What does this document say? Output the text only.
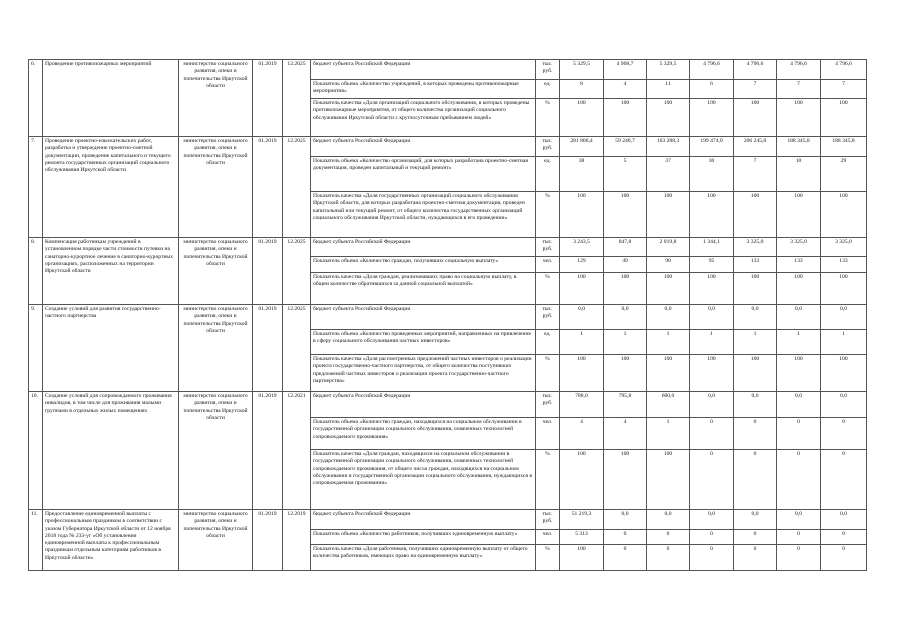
6.	Проведение противопожарных мероприятий	министерство социального развития, опеки и попечительства Иркутской области	01.2019	12.2025	бюджет субъекта Российской Федерации	тыс. руб.	5 329,5	4 908,7	5 329,5	4 796,6	4 796,6	4 796,6	4 796,6
					Показатель объема «Количество учреждений, в которых проведены противопожарные мероприятия»	ед.	8	4	11	6	7	7	7
					Показатель качества «Доля организаций социального обслуживания, в которых проведены противопожарные мероприятия, от общего количества организаций социального обслуживания Иркутской области с круглосуточным пребыванием людей»	%	100	100	100	100	100	100	100
7.	Проведение проектно-изыскательских работ, разработка и утверждение проектно-сметной документации, проведение капитального и текущего ремонта государственных организаций социального обслуживания Иркутской области	министерство социального развития, опеки и попечительства Иркутской области	01.2019	12.2025	бюджет субъекта Российской Федерации	тыс. руб.	281 806,4	59 240,7	163 288,3	199 474,0	206 245,8	188 345,8	188 345,8
					Показатель объема «Количество организаций, для которых разработана проектно-сметная документация, проведен капитальный и текущий ремонт»	ед.	38	5	37	30	7	10	29
					Показатель качества «Доля государственных организаций социального обслуживания Иркутской области, для которых разработана проектно-сметная документация, проведен капитальный или текущий ремонт, от общего количества государственных организаций социального обслуживания Иркутской области, нуждающихся в его проведении»	%	100	100	100	100	100	100	100
8.	Компенсация работникам учреждений в установленном порядке части стоимости путевки на санаторно-курортное лечение в санаторно-курортных организациях, расположенных на территории Иркутской области	министерство социального развития, опеки и попечительства Иркутской области	01.2019	12.2025	бюджет субъекта Российской Федерации	тыс. руб.	3 243,5	847,8	2 019,8	1 344,1	3 325,0	3 325,0	3 325,0
					Показатель объема «Количество граждан, получивших социальную выплату»	чел.	129	49	90	95	133	133	133
					Показатель качества «Доля граждан, реализовавших право на социальную выплату, в общем количестве обратившихся за данной социальной выплатой»	%	100	100	100	100	100	100	100
9.	Создание условий для развития государственно-частного партнерства	министерство социального развития, опеки и попечительства Иркутской области	01.2019	12.2025	бюджет субъекта Российской Федерации	тыс. руб.	0,0	0,0	0,0	0,0	0,0	0,0	0,0
					Показатель объема «Количество проведенных мероприятий, направленных на привлечение в сферу социального обслуживания частных инвесторов»	ед.	1	1	1	1	1	1	1
					Показатель качества «Доля рассмотренных предложений частных инвесторов о реализации проекта государственно-частного партнерства, от общего количества поступивших предложений частных инвесторов о реализации проекта государственно-частного партнерства»	%	100	100	100	100	100	100	100
10.	Создание условий для сопровождаемого проживания инвалидов, в том числе для проживания малыми группами в отдельных жилых помещениях	министерство социального развития, опеки и попечительства Иркутской области	01.2019	12.2021	бюджет субъекта Российской Федерации	тыс. руб.	788,0	795,8	600,0	0,0	0,0	0,0	0,0
					Показатель объема «Количество граждан, находящихся на социальном обслуживании в государственной организации социального обслуживания, охваченных технологией сопровождаемого проживания»	чел.	4	4	1	0	0	0	0
					Показатель качества «Доля граждан, находящихся на социальном обслуживании в государственной организации социального обслуживания, охваченных технологией сопровождаемого проживания, от общего числа граждан, находящихся на социальном обслуживании в государственной организации социального обслуживания, нуждающихся в сопровождаемом проживании»	%	100	100	100	0	0	0	0
11.	Предоставление единовременной выплаты с профессиональным праздником в соответствии с указом Губернатора Иркутской области от 12 ноября 2018 года № 233-уг «Об установлении единовременной выплаты к профессиональным праздникам отдельным категориям работников в Иркутской области»	министерство социального развития, опеки и попечительства Иркутской области	01.2019	12.2019	бюджет субъекта Российской Федерации	тыс. руб.	51 219,3	0,0	0,0	0,0	0,0	0,0	0,0
					Показатель объема «Количество работников, получивших единовременную выплату»	чел.	5 313	0	0	0	0	0	0
					Показатель качества «Доля работников, получивших единовременную выплату от общего количества работников, имеющих право на единовременную выплату»	%	100	0	0	0	0	0	0
